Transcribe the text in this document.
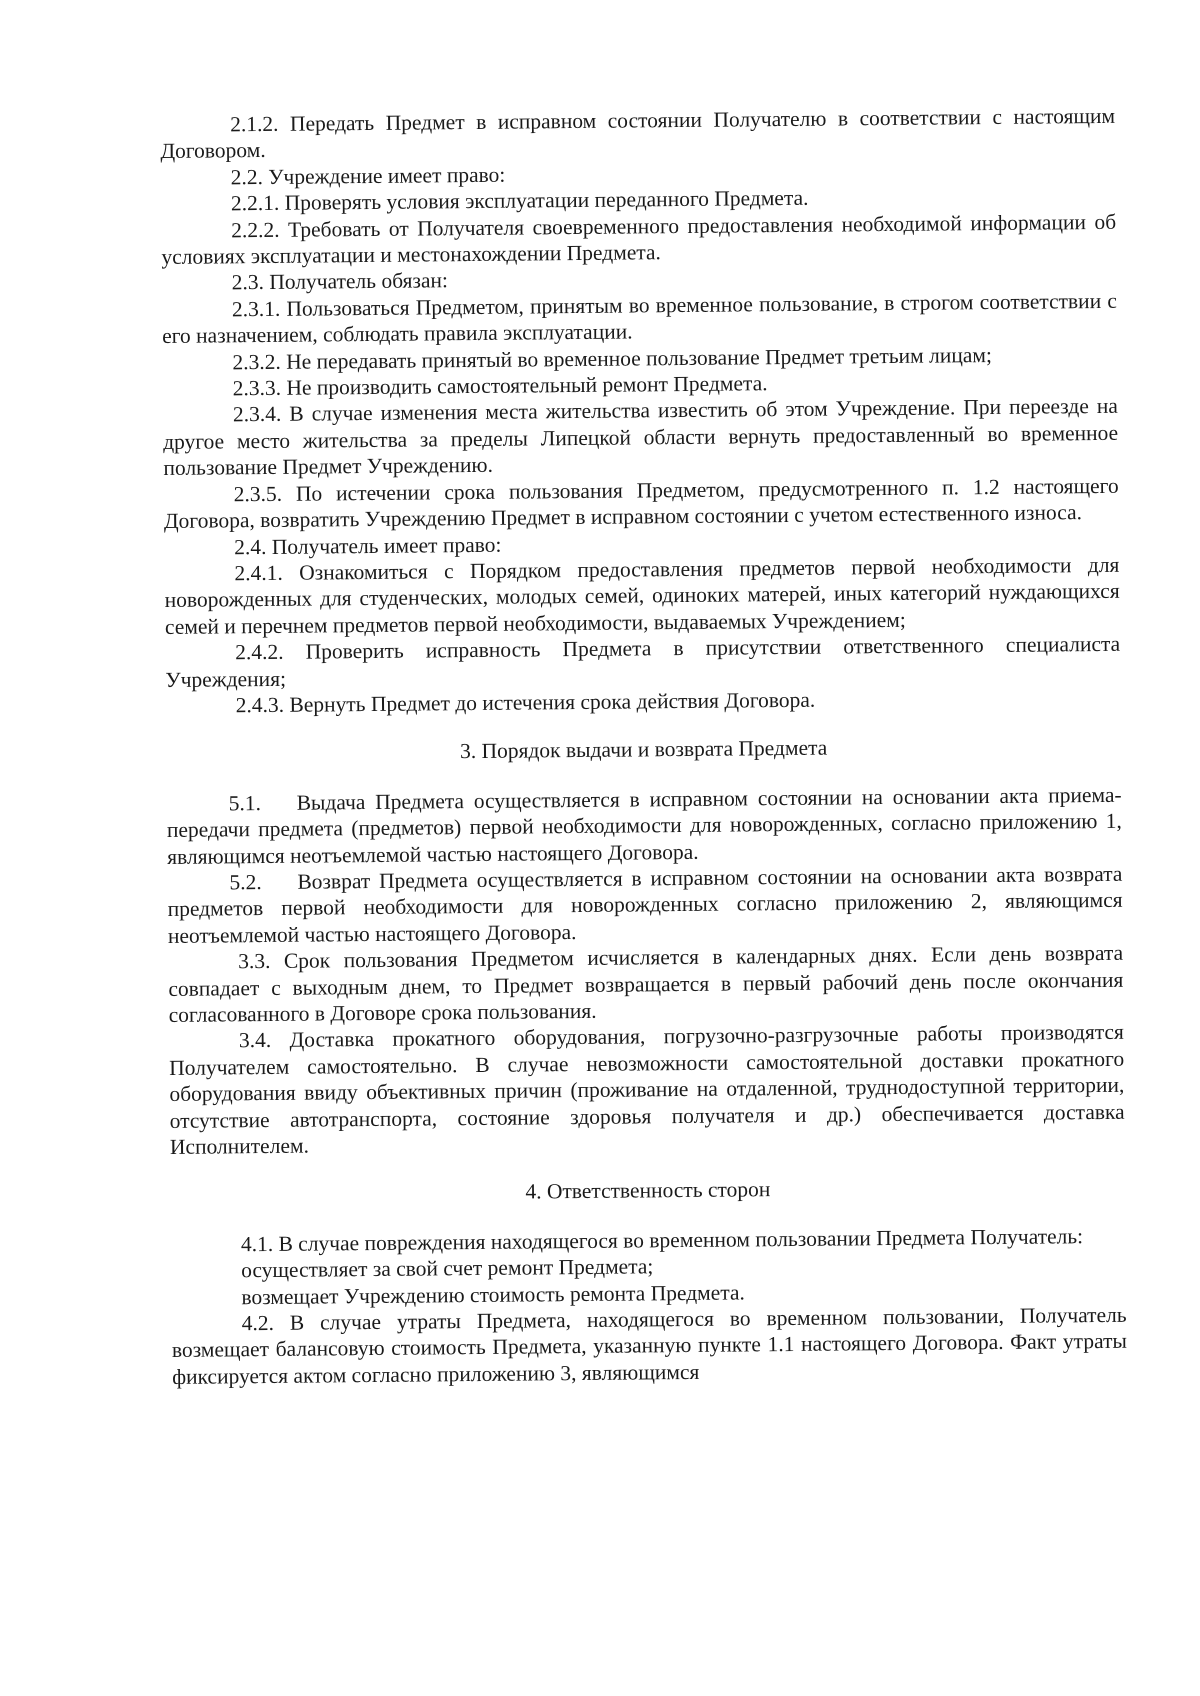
2.1.2. Передать Предмет в исправном состоянии Получателю в соответствии с настоящим Договором.

2.2. Учреждение имеет право:

2.2.1. Проверять условия эксплуатации переданного Предмета.

2.2.2. Требовать от Получателя своевременного предоставления необходимой информации об условиях эксплуатации и местонахождении Предмета.

2.3. Получатель обязан:

2.3.1. Пользоваться Предметом, принятым во временное пользование, в строгом соответствии с его назначением, соблюдать правила эксплуатации.

2.3.2. Не передавать принятый во временное пользование Предмет третьим лицам;

2.3.3. Не производить самостоятельный ремонт Предмета.

2.3.4. В случае изменения места жительства известить об этом Учреждение. При переезде на другое место жительства за пределы Липецкой области вернуть предоставленный во временное пользование Предмет Учреждению.

2.3.5. По истечении срока пользования Предметом, предусмотренного п. 1.2 настоящего Договора, возвратить Учреждению Предмет в исправном состоянии с учетом естественного износа.

2.4. Получатель имеет право:

2.4.1. Ознакомиться с Порядком предоставления предметов первой необходимости для новорожденных для студенческих, молодых семей, одиноких матерей, иных категорий нуждающихся семей и перечнем предметов первой необходимости, выдаваемых Учреждением;

2.4.2. Проверить исправность Предмета в присутствии ответственного специалиста Учреждения;

2.4.3. Вернуть Предмет до истечения срока действия Договора.

3. Порядок выдачи и возврата Предмета

5.1. Выдача Предмета осуществляется в исправном состоянии на основании акта приема-передачи предмета (предметов) первой необходимости для новорожденных, согласно приложению 1, являющимся неотъемлемой частью настоящего Договора.

5.2. Возврат Предмета осуществляется в исправном состоянии на основании акта возврата предметов первой необходимости для новорожденных согласно приложению 2, являющимся неотъемлемой частью настоящего Договора.

3.3. Срок пользования Предметом исчисляется в календарных днях. Если день возврата совпадает с выходным днем, то Предмет возвращается в первый рабочий день после окончания согласованного в Договоре срока пользования.

3.4. Доставка прокатного оборудования, погрузочно-разгрузочные работы производятся Получателем самостоятельно. В случае невозможности самостоятельной доставки прокатного оборудования ввиду объективных причин (проживание на отдаленной, труднодоступной территории, отсутствие автотранспорта, состояние здоровья получателя и др.) обеспечивается доставка Исполнителем.

4. Ответственность сторон

4.1. В случае повреждения находящегося во временном пользовании Предмета Получатель:

осуществляет за свой счет ремонт Предмета;

возмещает Учреждению стоимость ремонта Предмета.

4.2. В случае утраты Предмета, находящегося во временном пользовании, Получатель возмещает балансовую стоимость Предмета, указанную пункте 1.1 настоящего Договора. Факт утраты фиксируется актом согласно приложению 3, являющимся
